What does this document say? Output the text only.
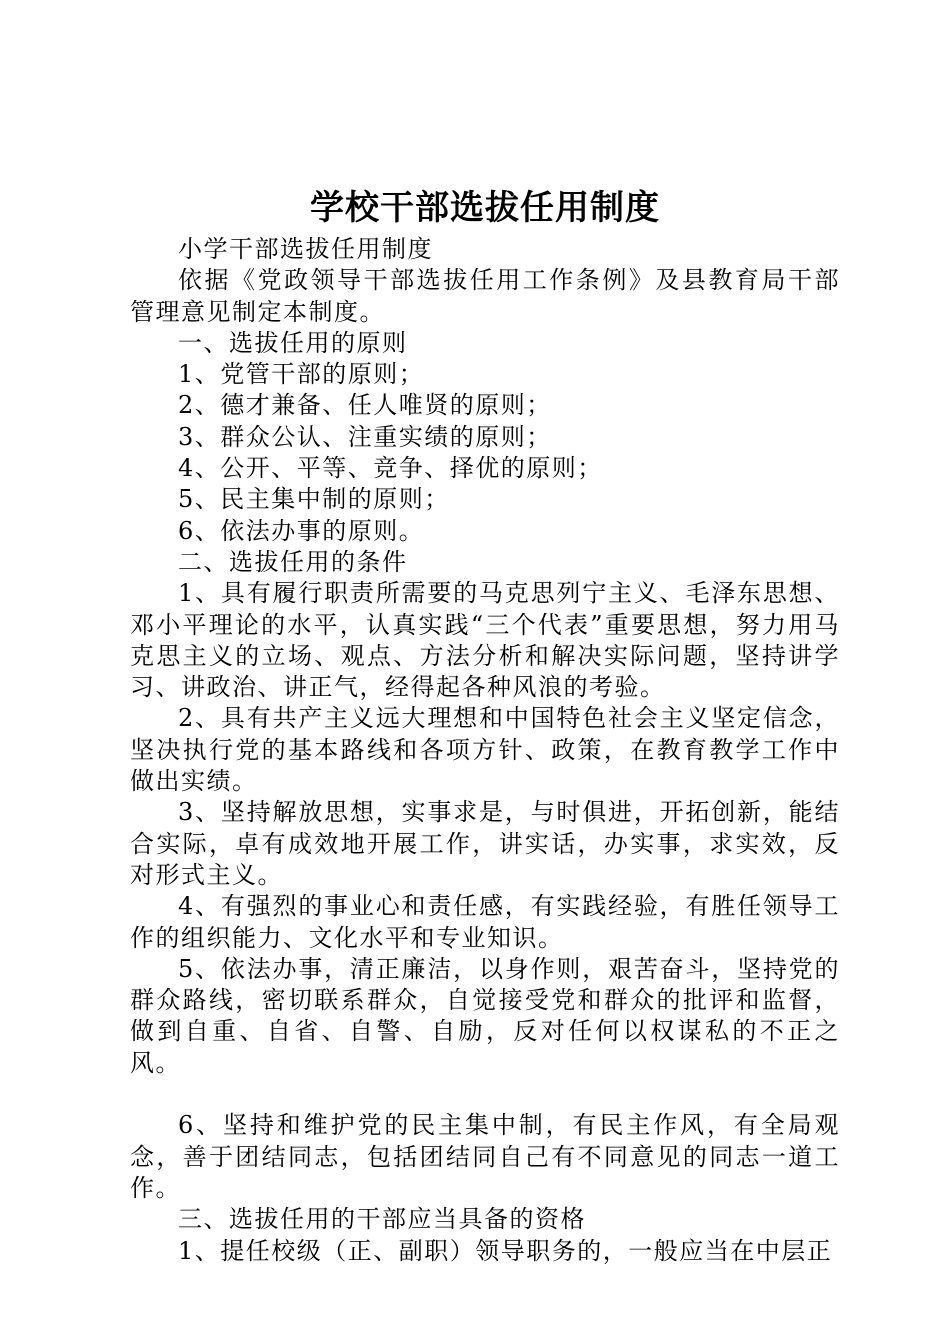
学校干部选拔任用制度

小学干部选拔任用制度

依据《党政领导干部选拔任用工作条例》及县教育局干部管理意见制定本制度。

一、选拔任用的原则

1、党管干部的原则；

2、德才兼备、任人唯贤的原则；

3、群众公认、注重实绩的原则；

4、公开、平等、竞争、择优的原则；

5、民主集中制的原则；

6、依法办事的原则。

二、选拔任用的条件

1、具有履行职责所需要的马克思列宁主义、毛泽东思想、邓小平理论的水平，认真实践“三个代表”重要思想，努力用马克思主义的立场、观点、方法分析和解决实际问题，坚持讲学习、讲政治、讲正气，经得起各种风浪的考验。

2、具有共产主义远大理想和中国特色社会主义坚定信念，坚决执行党的基本路线和各项方针、政策，在教育教学工作中做出实绩。

3、坚持解放思想，实事求是，与时俱进，开拓创新，能结合实际，卓有成效地开展工作，讲实话，办实事，求实效，反对形式主义。

4、有强烈的事业心和责任感，有实践经验，有胜任领导工作的组织能力、文化水平和专业知识。

5、依法办事，清正廉洁，以身作则，艰苦奋斗，坚持党的群众路线，密切联系群众，自觉接受党和群众的批评和监督，做到自重、自省、自警、自励，反对任何以权谋私的不正之风。

6、坚持和维护党的民主集中制，有民主作风，有全局观念，善于团结同志，包括团结同自己有不同意见的同志一道工作。

三、选拔任用的干部应当具备的资格

1、提任校级（正、副职）领导职务的，一般应当在中层正
